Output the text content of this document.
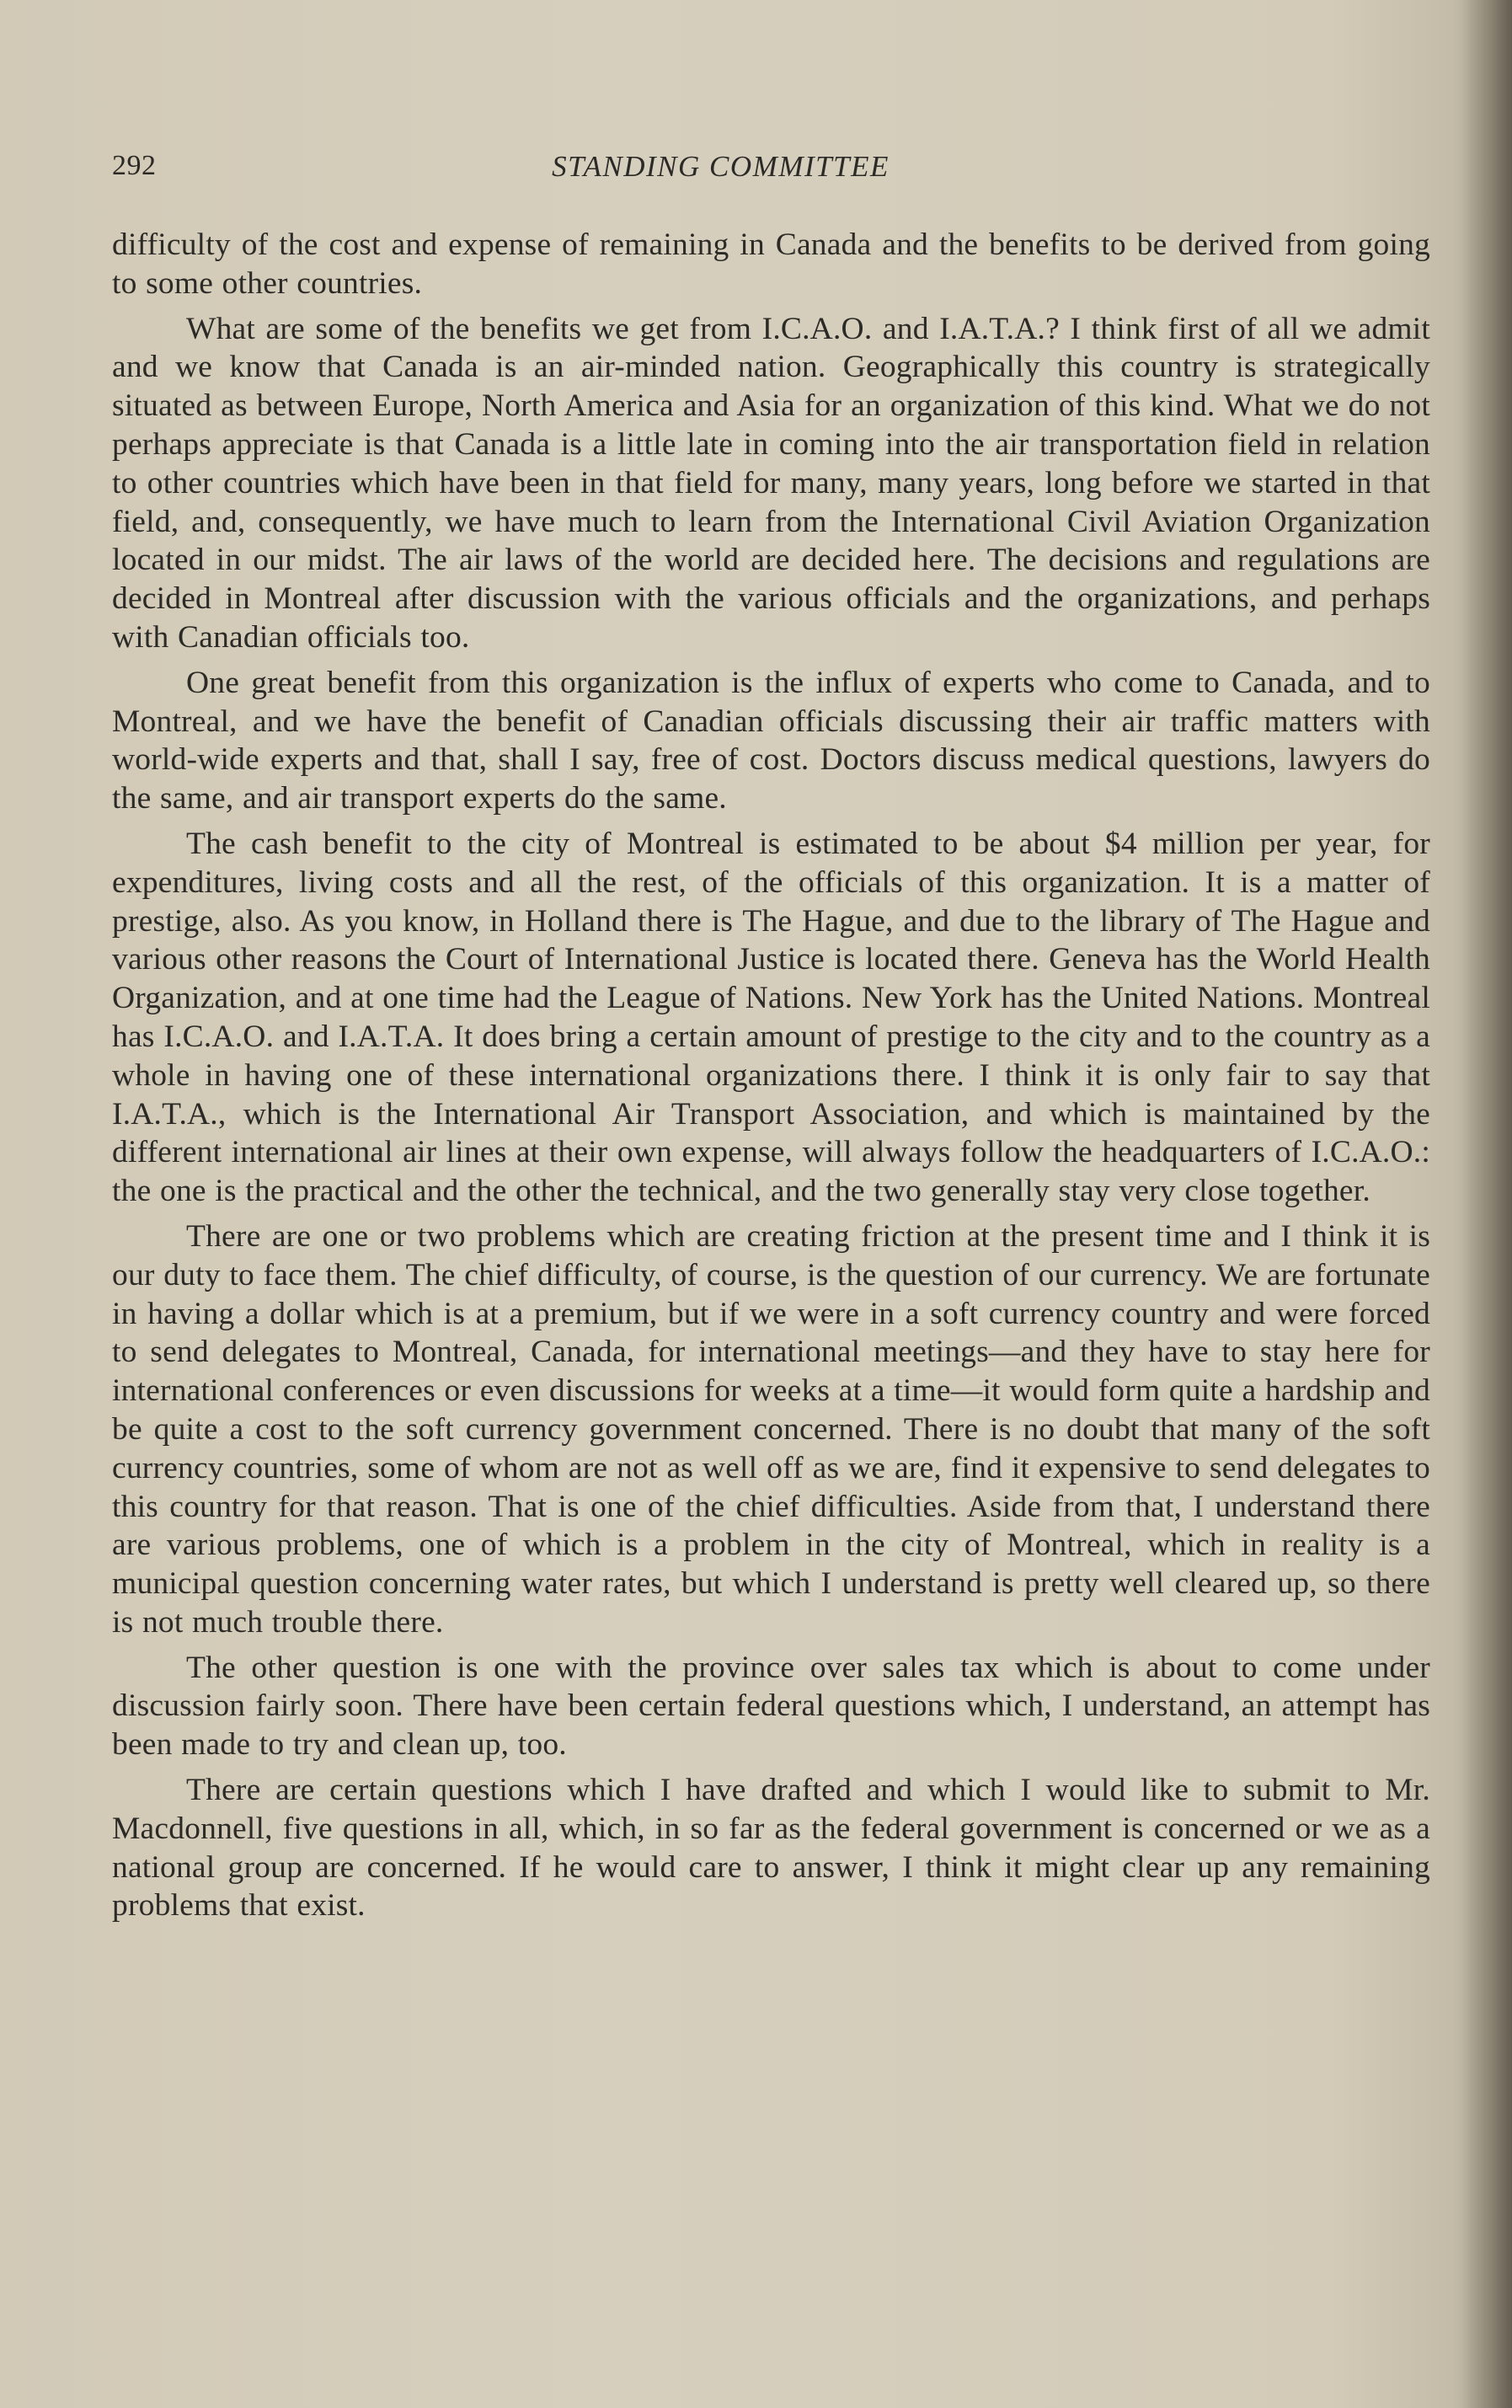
292	STANDING COMMITTEE

difficulty of the cost and expense of remaining in Canada and the benefits to be derived from going to some other countries.

What are some of the benefits we get from I.C.A.O. and I.A.T.A.? I think first of all we admit and we know that Canada is an air-minded nation. Geographically this country is strategically situated as between Europe, North America and Asia for an organization of this kind. What we do not perhaps appreciate is that Canada is a little late in coming into the air transportation field in relation to other countries which have been in that field for many, many years, long before we started in that field, and, consequently, we have much to learn from the International Civil Aviation Organization located in our midst. The air laws of the world are decided here. The decisions and regulations are decided in Montreal after discussion with the various officials and the organizations, and perhaps with Canadian officials too.

One great benefit from this organization is the influx of experts who come to Canada, and to Montreal, and we have the benefit of Canadian officials discussing their air traffic matters with world-wide experts and that, shall I say, free of cost. Doctors discuss medical questions, lawyers do the same, and air transport experts do the same.

The cash benefit to the city of Montreal is estimated to be about $4 million per year, for expenditures, living costs and all the rest, of the officials of this organization. It is a matter of prestige, also. As you know, in Holland there is The Hague, and due to the library of The Hague and various other reasons the Court of International Justice is located there. Geneva has the World Health Organization, and at one time had the League of Nations. New York has the United Nations. Montreal has I.C.A.O. and I.A.T.A. It does bring a certain amount of prestige to the city and to the country as a whole in having one of these international organizations there. I think it is only fair to say that I.A.T.A., which is the International Air Transport Association, and which is maintained by the different international air lines at their own expense, will always follow the headquarters of I.C.A.O.: the one is the practical and the other the technical, and the two generally stay very close together.

There are one or two problems which are creating friction at the present time and I think it is our duty to face them. The chief difficulty, of course, is the question of our currency. We are fortunate in having a dollar which is at a premium, but if we were in a soft currency country and were forced to send delegates to Montreal, Canada, for international meetings—and they have to stay here for international conferences or even discussions for weeks at a time—it would form quite a hardship and be quite a cost to the soft currency government concerned. There is no doubt that many of the soft currency countries, some of whom are not as well off as we are, find it expensive to send delegates to this country for that reason. That is one of the chief difficulties. Aside from that, I understand there are various problems, one of which is a problem in the city of Montreal, which in reality is a municipal question concerning water rates, but which I understand is pretty well cleared up, so there is not much trouble there.

The other question is one with the province over sales tax which is about to come under discussion fairly soon. There have been certain federal questions which, I understand, an attempt has been made to try and clean up, too.

There are certain questions which I have drafted and which I would like to submit to Mr. Macdonnell, five questions in all, which, in so far as the federal government is concerned or we as a national group are concerned. If he would care to answer, I think it might clear up any remaining problems that exist.
